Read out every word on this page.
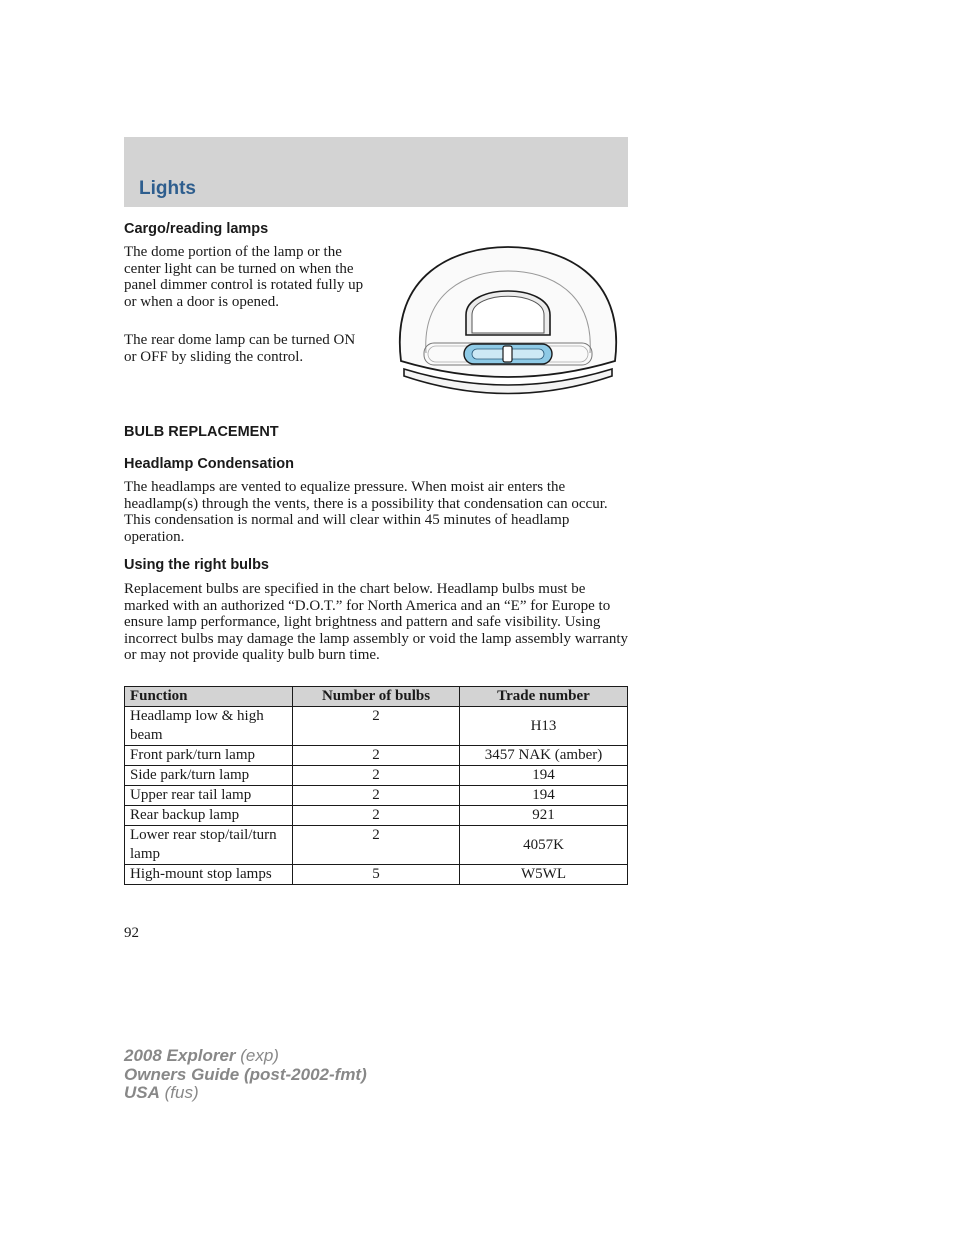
Lights
Cargo/reading lamps

The dome portion of the lamp or the center light can be turned on when the panel dimmer control is rotated fully up or when a door is opened.

The rear dome lamp can be turned ON or OFF by sliding the control.

BULB REPLACEMENT
Headlamp Condensation

The headlamps are vented to equalize pressure. When moist air enters the headlamp(s) through the vents, there is a possibility that condensation can occur. This condensation is normal and will clear within 45 minutes of headlamp operation.

Using the right bulbs

Replacement bulbs are specified in the chart below. Headlamp bulbs must be marked with an authorized “D.O.T.” for North America and an “E” for Europe to ensure lamp performance, light brightness and pattern and safe visibility. Using incorrect bulbs may damage the lamp assembly or void the lamp assembly warranty or may not provide quality bulb burn time.

Function	Number of bulbs	Trade number
Headlamp low & high beam	2	H13
Front park/turn lamp	2	3457 NAK (amber)
Side park/turn lamp	2	194
Upper rear tail lamp	2	194
Rear backup lamp	2	921
Lower rear stop/tail/turn lamp	2	4057K
High-mount stop lamps	5	W5WL
92
2008 Explorer (exp)
Owners Guide (post-2002-fmt)
USA (fus)
